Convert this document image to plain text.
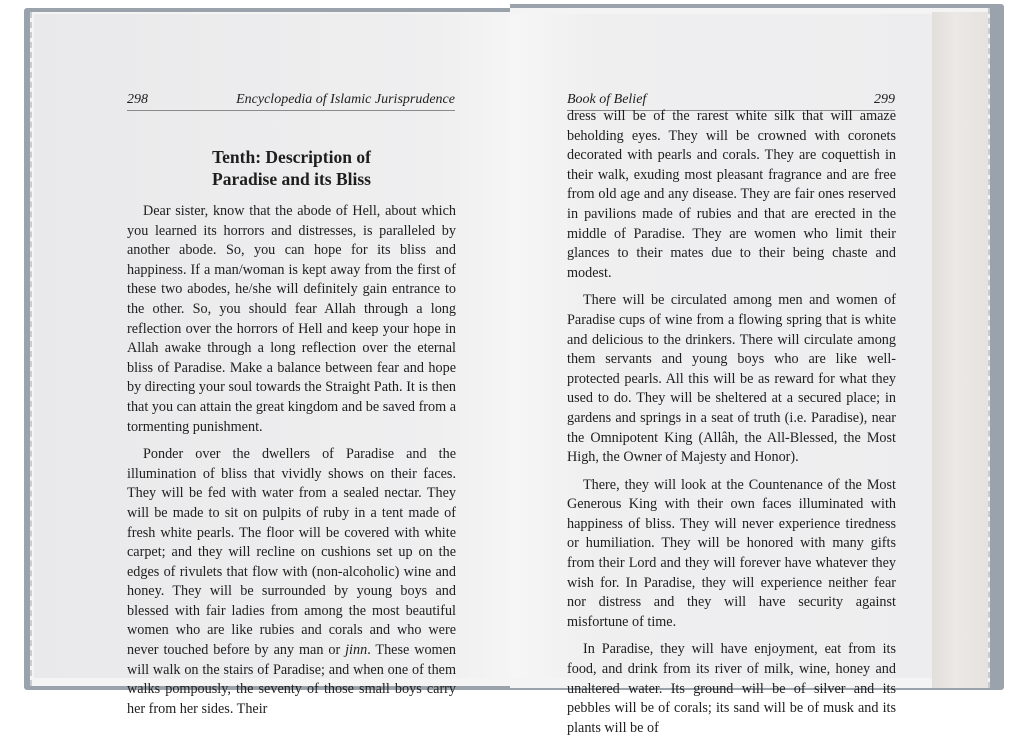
298	Encyclopedia of Islamic Jurisprudence	Book of Belief	299
Tenth: Description of
Paradise and its Bliss

Dear sister, know that the abode of Hell, about which you learned its horrors and distresses, is paralleled by another abode. So, you can hope for its bliss and happiness. If a man/woman is kept away from the first of these two abodes, he/she will definitely gain entrance to the other. So, you should fear Allah through a long reflection over the horrors of Hell and keep your hope in Allah awake through a long reflection over the eternal bliss of Paradise. Make a balance between fear and hope by directing your soul towards the Straight Path. It is then that you can attain the great kingdom and be saved from a tormenting punishment.

Ponder over the dwellers of Paradise and the illumination of bliss that vividly shows on their faces. They will be fed with water from a sealed nectar. They will be made to sit on pulpits of ruby in a tent made of fresh white pearls. The floor will be covered with white carpet; and they will recline on cushions set up on the edges of rivulets that flow with (non-alcoholic) wine and honey. They will be surrounded by young boys and blessed with fair ladies from among the most beautiful women who are like rubies and corals and who were never touched before by any man or jinn. These women will walk on the stairs of Paradise; and when one of them walks pompously, the seventy of those small boys carry her from her sides. Their

dress will be of the rarest white silk that will amaze beholding eyes. They will be crowned with coronets decorated with pearls and corals. They are coquettish in their walk, exuding most pleasant fragrance and are free from old age and any disease. They are fair ones reserved in pavilions made of rubies and that are erected in the middle of Paradise. They are women who limit their glances to their mates due to their being chaste and modest.

There will be circulated among men and women of Paradise cups of wine from a flowing spring that is white and delicious to the drinkers. There will circulate among them servants and young boys who are like well-protected pearls. All this will be as reward for what they used to do. They will be sheltered at a secured place; in gardens and springs in a seat of truth (i.e. Paradise), near the Omnipotent King (Allâh, the All-Blessed, the Most High, the Owner of Majesty and Honor).

There, they will look at the Countenance of the Most Generous King with their own faces illuminated with happiness of bliss. They will never experience tiredness or humiliation. They will be honored with many gifts from their Lord and they will forever have whatever they wish for. In Paradise, they will experience neither fear nor distress and they will have security against misfortune of time.

In Paradise, they will have enjoyment, eat from its food, and drink from its river of milk, wine, honey and unaltered water. Its ground will be of silver and its pebbles will be of corals; its sand will be of musk and its plants will be of
